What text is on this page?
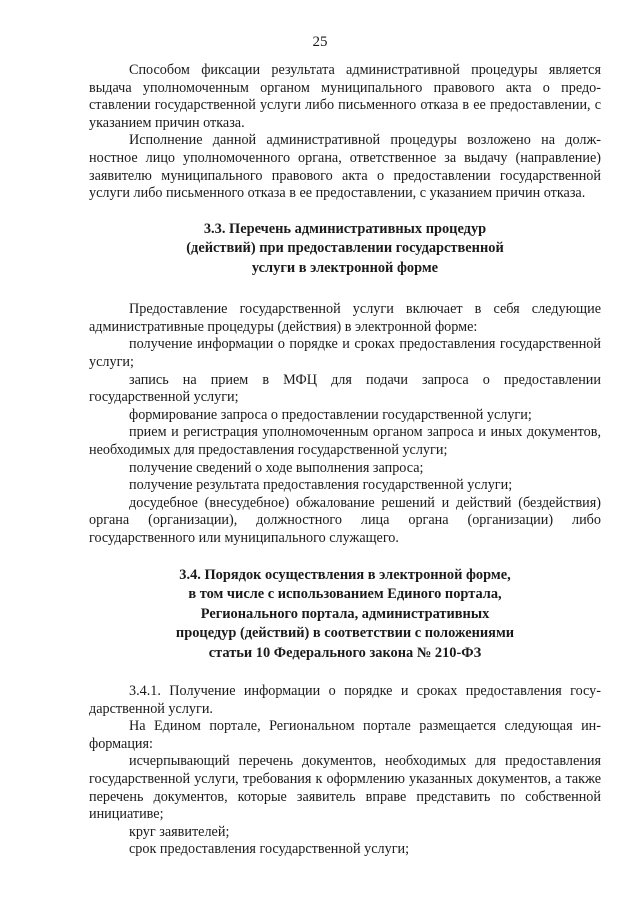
25

Способом фиксации результата административной процедуры является выдача уполномоченным органом муниципального правового акта о предоставлении государственной услуги либо письменного отказа в ее предоставлении, с указанием причин отказа.

Исполнение данной административной процедуры возложено на должностное лицо уполномоченного органа, ответственное за выдачу (направление) заявителю муниципального правового акта о предоставлении государственной услуги либо письменного отказа в ее предоставлении, с указанием причин отказа.

3.3. Перечень административных процедур
(действий) при предоставлении государственной
услуги в электронной форме

Предоставление государственной услуги включает в себя следующие административные процедуры (действия) в электронной форме:

получение информации о порядке и сроках предоставления государственной услуги;

запись на прием в МФЦ для подачи запроса о предоставлении государственной услуги;

формирование запроса о предоставлении государственной услуги;

прием и регистрация уполномоченным органом запроса и иных документов, необходимых для предоставления государственной услуги;

получение сведений о ходе выполнения запроса;

получение результата предоставления государственной услуги;

досудебное (внесудебное) обжалование решений и действий (бездействия) органа (организации), должностного лица органа (организации) либо государственного или муниципального служащего.

3.4. Порядок осуществления в электронной форме,
в том числе с использованием Единого портала,
Регионального портала, административных
процедур (действий) в соответствии с положениями
статьи 10 Федерального закона № 210-ФЗ

3.4.1. Получение информации о порядке и сроках предоставления государственной услуги.

На Едином портале, Региональном портале размещается следующая информация:

исчерпывающий перечень документов, необходимых для предоставления государственной услуги, требования к оформлению указанных документов, а также перечень документов, которые заявитель вправе представить по собственной инициативе;

круг заявителей;

срок предоставления государственной услуги;
